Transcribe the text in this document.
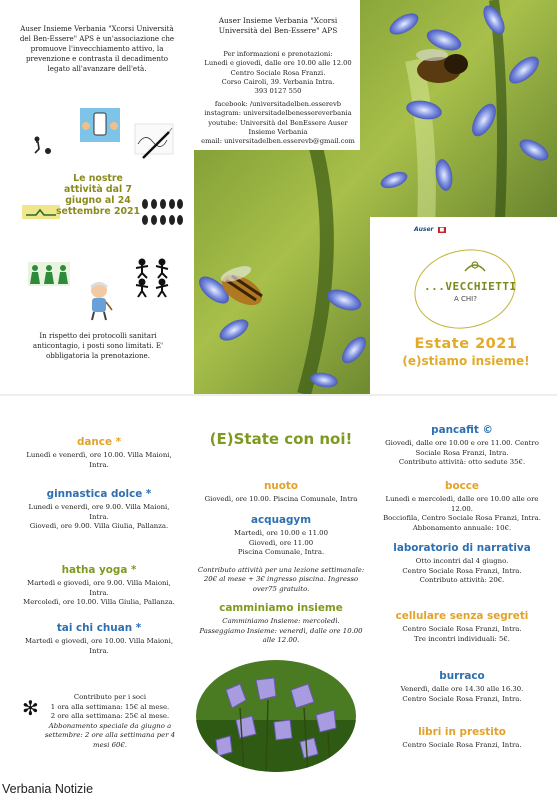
Auser Insieme Verbania "Xcorsi Università del Ben-Essere" APS è un'associazione che promuove l'invecchiamento attivo, la prevenzione e contrasta il decadimento legato all'avanzare dell'età.
Le nostre attività dal 7 giugno al 24 settembre 2021
In rispetto dei protocolli sanitari anticontagio, i posti sono limitati. E' obbligatoria la prenotazione.
Auser Insieme Verbania "Xcorsi Università del Ben-Essere" APS
Per informazioni e prenotazioni:
Lunedì e giovedì, dalle ore 10.00 alle 12.00
Centro Sociale Rosa Franzi.
Corso Cairoli, 39. Verbania Intra.
393 0127 550
facebook: /universitadelben.esserevb
instagram: universitadelbenessereverbania
youtube: Università del BenEssere Auser Insieme Verbania
email: universitadelben.esserevb@gmail.com
Auser ■
...VECCHIETTI
A CHI?
Estate 2021
(e)stiamo insieme!
dance *
Lunedì e venerdì, ore 10.00. Villa Maioni, Intra.
ginnastica dolce *
Lunedì e venerdì, ore 9.00. Villa Maioni, Intra.
Giovedì, ore 9.00. Villa Giulia, Pallanza.
hatha yoga *
Martedì e giovedì, ore 9.00. Villa Maioni, Intra.
Mercoledì, ore 10.00. Villa Giulia, Pallanza.
tai chi chuan *
Martedì e giovedì, ore 10.00. Villa Maioni, Intra.
✻	Contributo per i soci
1 ora alla settimana: 15€ al mese.
2 ore alla settimana: 25€ al mese.
Abbonamento speciale da giugno a settembre: 2 ore alla settimana per 4 mesi 60€.
(E)State con noi!
nuoto
Giovedì, ore 10.00. Piscina Comunale, Intra
acquagym
Martedì, ore 10.00 e 11.00
Giovedì, ore 11.00
Piscina Comunale, Intra.
Contributo attività per una lezione settimanale: 20€ al mese + 3€ ingresso piscina. Ingresso over75 gratuito.
camminiamo insieme
Camminiamo Insieme: mercoledì.
Passeggiamo Insieme: venerdì, dalle ore 10.00 alle 12.00.
pancafit ©
Giovedì, dalle ore 10.00 e ore 11.00. Centro Sociale Rosa Franzi, Intra.
Contributo attività: otto sedute 35€.
bocce
Lunedì e mercoledì, dalle ore 10.00 alle ore 12.00.
Bocciofila, Centro Sociale Rosa Franzi, Intra.
Abbonamento annuale: 10€.
laboratorio di narrativa
Otto incontri dal 4 giugno.
Centro Sociale Rosa Franzi, Intra.
Contributo attività: 20€.
cellulare senza segreti
Centro Sociale Rosa Franzi, Intra.
Tre incontri individuali: 5€.
burraco
Venerdì, dalle ore 14.30 alle 16.30.
Centro Sociale Rosa Franzi, Intra.
libri in prestito
Centro Sociale Rosa Franzi, Intra.
Verbania Notizie
